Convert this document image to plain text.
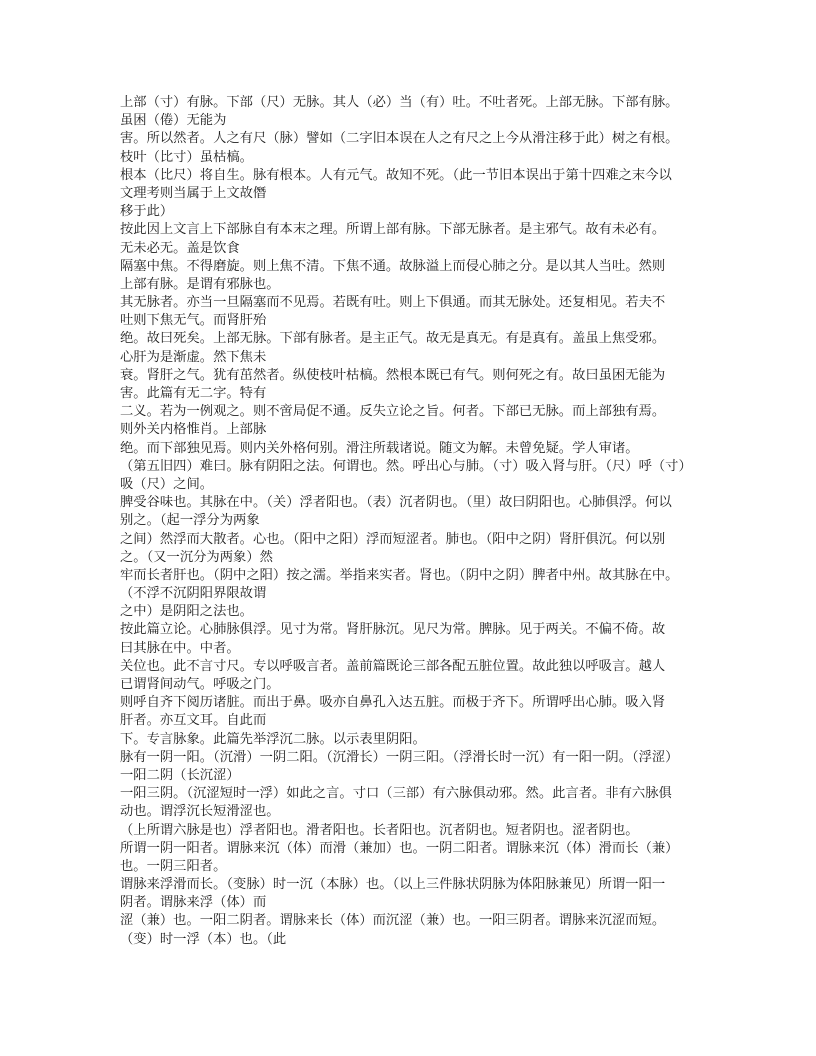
上部（寸）有脉。下部（尺）无脉。其人（必）当（有）吐。不吐者死。上部无脉。下部有脉。
虽困（倦）无能为
害。所以然者。人之有尺（脉）譬如（二字旧本误在人之有尺之上今从滑注移于此）树之有根。
枝叶（比寸）虽枯槁。
根本（比尺）将自生。脉有根本。人有元气。故知不死。（此一节旧本误出于第十四难之末今以
文理考则当属于上文故僭
移于此）
按此因上文言上下部脉自有本末之理。所谓上部有脉。下部无脉者。是主邪气。故有未必有。
无未必无。盖是饮食
隔塞中焦。不得磨旋。则上焦不清。下焦不通。故脉溢上而侵心肺之分。是以其人当吐。然则
上部有脉。是谓有邪脉也。
其无脉者。亦当一旦隔塞而不见焉。若既有吐。则上下俱通。而其无脉处。还复相见。若夫不
吐则下焦无气。而肾肝殆
绝。故曰死矣。上部无脉。下部有脉者。是主正气。故无是真无。有是真有。盖虽上焦受邪。
心肝为是渐虚。然下焦未
衰。肾肝之气。犹有茁然者。纵使枝叶枯槁。然根本既已有气。则何死之有。故曰虽困无能为
害。此篇有无二字。特有
二义。若为一例观之。则不啻局促不通。反失立论之旨。何者。下部已无脉。而上部独有焉。
则外关内格惟肖。上部脉
绝。而下部独见焉。则内关外格何别。滑注所载诸说。随文为解。未曾免疑。学人审诸。
（第五旧四）难曰。脉有阴阳之法。何谓也。然。呼出心与肺。（寸）吸入肾与肝。（尺）呼（寸）
吸（尺）之间。
脾受谷味也。其脉在中。（关）浮者阳也。（表）沉者阴也。（里）故曰阴阳也。心肺俱浮。何以
别之。（起一浮分为两象
之间）然浮而大散者。心也。（阳中之阳）浮而短涩者。肺也。（阳中之阴）肾肝俱沉。何以别
之。（又一沉分为两象）然
牢而长者肝也。（阴中之阳）按之濡。举指来实者。肾也。（阴中之阴）脾者中州。故其脉在中。
（不浮不沉阴阳界限故谓
之中）是阴阳之法也。
按此篇立论。心肺脉俱浮。见寸为常。肾肝脉沉。见尺为常。脾脉。见于两关。不偏不倚。故
曰其脉在中。中者。
关位也。此不言寸尺。专以呼吸言者。盖前篇既论三部各配五脏位置。故此独以呼吸言。越人
已谓肾间动气。呼吸之门。
则呼自齐下阅历诸脏。而出于鼻。吸亦自鼻孔入达五脏。而极于齐下。所谓呼出心肺。吸入肾
肝者。亦互文耳。自此而
下。专言脉象。此篇先举浮沉二脉。以示表里阴阳。
脉有一阴一阳。（沉滑）一阴二阳。（沉滑长）一阴三阳。（浮滑长时一沉）有一阳一阴。（浮涩）
一阳二阴（长沉涩）
一阳三阴。（沉涩短时一浮）如此之言。寸口（三部）有六脉俱动邪。然。此言者。非有六脉俱
动也。谓浮沉长短滑涩也。
（上所谓六脉是也）浮者阳也。滑者阳也。长者阳也。沉者阴也。短者阴也。涩者阴也。
所谓一阴一阳者。谓脉来沉（体）而滑（兼加）也。一阴二阳者。谓脉来沉（体）滑而长（兼）
也。一阴三阳者。
谓脉来浮滑而长。（变脉）时一沉（本脉）也。（以上三件脉状阴脉为体阳脉兼见）所谓一阳一
阴者。谓脉来浮（体）而
涩（兼）也。一阳二阴者。谓脉来长（体）而沉涩（兼）也。一阳三阴者。谓脉来沉涩而短。
（变）时一浮（本）也。（此
